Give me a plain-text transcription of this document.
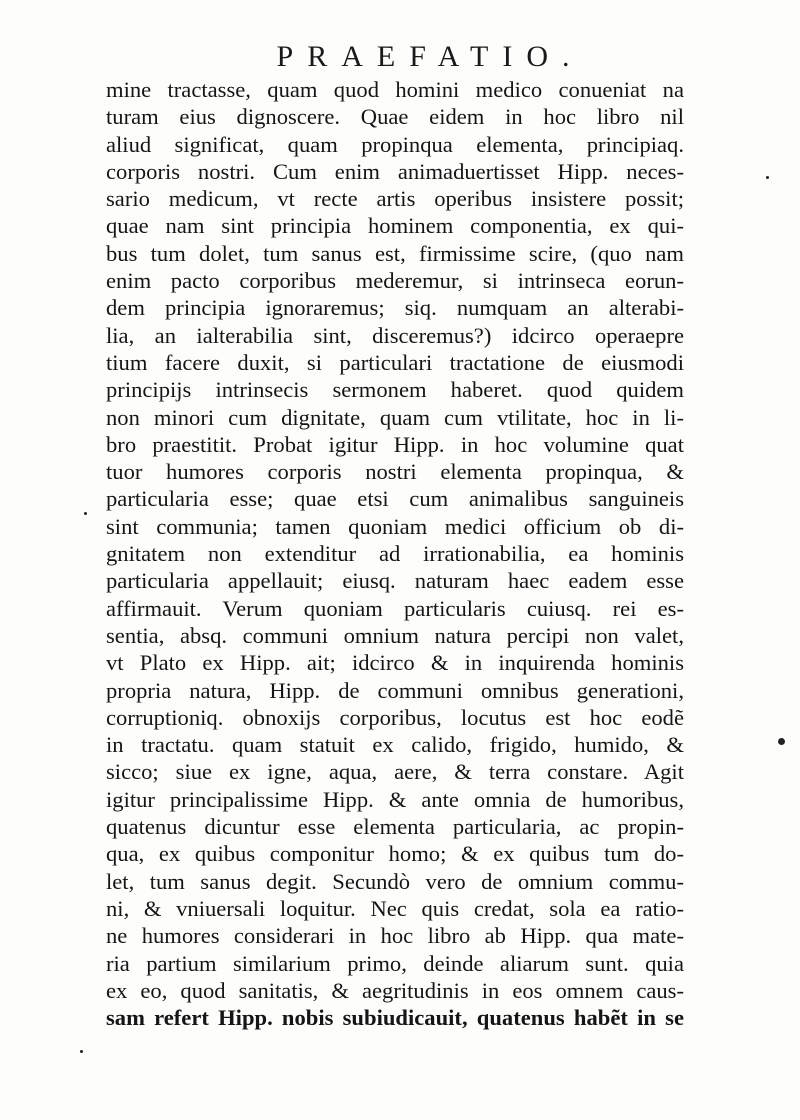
PRAEFATIO.
mine tractasse, quam quod homini medico conueniat na
turam eius dignoscere. Quae eidem in hoc libro nil
aliud significat, quam propinqua elementa, principiaq.
corporis nostri. Cum enim animaduertisset Hipp. neces-
sario medicum, vt recte artis operibus insistere possit;
quae nam sint principia hominem componentia, ex qui-
bus tum dolet, tum sanus est, firmissime scire, (quo nam
enim pacto corporibus mederemur, si intrinseca eorun-
dem principia ignoraremus; siq. numquam an alterabi-
lia, an ialterabilia sint, disceremus?) idcirco operaepre
tium facere duxit, si particulari tractatione de eiusmodi
principijs intrinsecis sermonem haberet. quod quidem
non minori cum dignitate, quam cum vtilitate, hoc in li-
bro praestitit. Probat igitur Hipp. in hoc volumine quat
tuor humores corporis nostri elementa propinqua, &
particularia esse; quae etsi cum animalibus sanguineis
sint communia; tamen quoniam medici officium ob di-
gnitatem non extenditur ad irrationabilia, ea hominis
particularia appellauit; eiusq. naturam haec eadem esse
affirmauit. Verum quoniam particularis cuiusq. rei es-
sentia, absq. communi omnium natura percipi non valet,
vt Plato ex Hipp. ait; idcirco & in inquirenda hominis
propria natura, Hipp. de communi omnibus generationi,
corruptioniq. obnoxijs corporibus, locutus est hoc eodẽ
in tractatu. quam statuit ex calido, frigido, humido, &
sicco; siue ex igne, aqua, aere, & terra constare. Agit
igitur principalissime Hipp. & ante omnia de humoribus,
quatenus dicuntur esse elementa particularia, ac propin-
qua, ex quibus componitur homo; & ex quibus tum do-
let, tum sanus degit. Secundò vero de omnium commu-
ni, & vniuersali loquitur. Nec quis credat, sola ea ratio-
ne humores considerari in hoc libro ab Hipp. qua mate-
ria partium similarium primo, deinde aliarum sunt. quia
ex eo, quod sanitatis, & aegritudinis in eos omnem caus-
sam refert Hipp. nobis subiudicauit, quatenus habẽt in se
